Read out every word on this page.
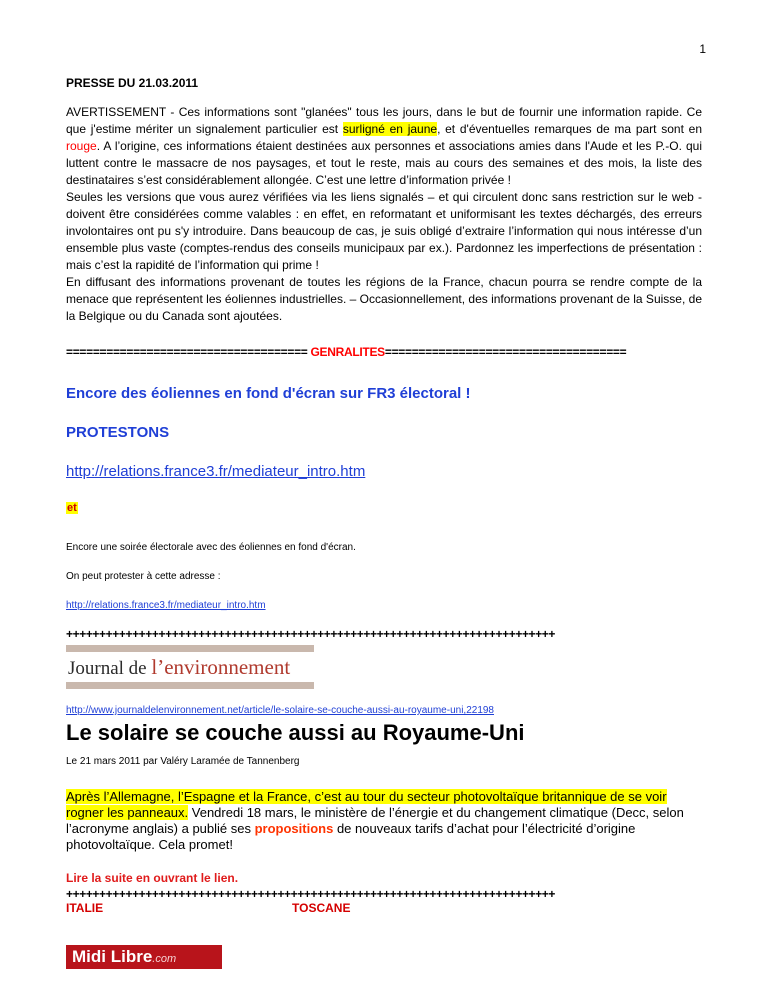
1
PRESSE DU 21.03.2011

AVERTISSEMENT - Ces informations sont "glanées" tous les jours, dans le but de fournir une information rapide. Ce que j'estime mériter un signalement particulier est surligné en jaune, et d'éventuelles remarques de ma part sont en rouge. A l’origine, ces informations étaient destinées aux personnes et associations amies dans l'Aude et les P.-O. qui luttent contre le massacre de nos paysages, et tout le reste, mais au cours des semaines et des mois, la liste des destinataires s’est considérablement allongée. C’est une lettre d’information privée !

Seules les versions que vous aurez vérifiées via les liens signalés – et qui circulent donc sans restriction sur le web - doivent être considérées comme valables : en effet, en reformatant et uniformisant les textes déchargés, des erreurs involontaires ont pu s'y introduire. Dans beaucoup de cas, je suis obligé d’extraire l’information qui nous intéresse d’un ensemble plus vaste (comptes-rendus des conseils municipaux par ex.). Pardonnez les imperfections de présentation : mais c’est la rapidité de l’information qui prime !

En diffusant des informations provenant de toutes les régions de la France, chacun pourra se rendre compte de la menace que représentent les éoliennes industrielles. – Occasionnellement, des informations provenant de la Suisse, de la Belgique ou du Canada sont ajoutées.

==================================== GENRALITES====================================
Encore des éoliennes en fond d'écran sur FR3 électoral !
PROTESTONS
http://relations.france3.fr/mediateur_intro.htm
et
Encore une soirée électorale avec des éoliennes en fond d'écran.
On peut protester à cette adresse :
http://relations.france3.fr/mediateur_intro.htm
++++++++++++++++++++++++++++++++++++++++++++++++++++++++++++++++++++++++++
Journal de l’environnement
http://www.journaldelenvironnement.net/article/le-solaire-se-couche-aussi-au-royaume-uni,22198
Le solaire se couche aussi au Royaume-Uni
Le 21 mars 2011 par Valéry Laramée de Tannenberg
Après l’Allemagne, l’Espagne et la France, c’est au tour du secteur photovoltaïque britannique de se voir rogner les panneaux. Vendredi 18 mars, le ministère de l’énergie et du changement climatique (Decc, selon l’acronyme anglais) a publié ses propositions de nouveaux tarifs d’achat pour l’électricité d’origine photovoltaïque. Cela promet!
Lire la suite en ouvrant le lien.
++++++++++++++++++++++++++++++++++++++++++++++++++++++++++++++++++++++++++
ITALIE	TOSCANE
Midi Libre.com
